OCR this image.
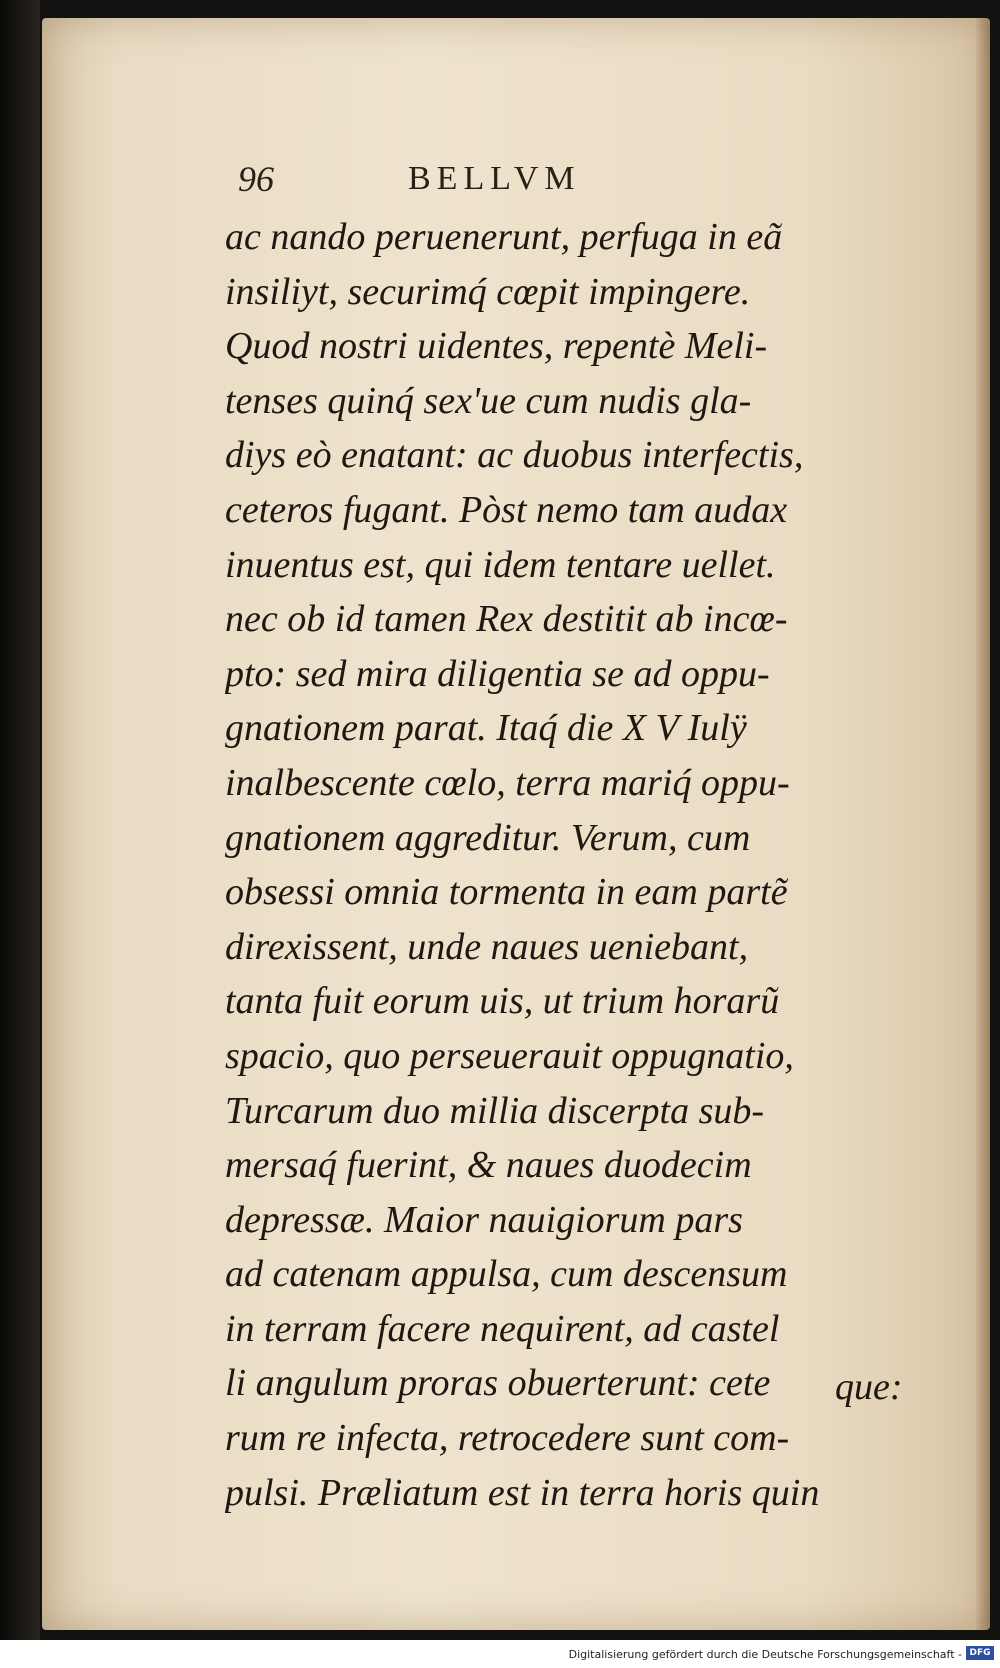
96	BELLVM
ac nando peruenerunt, perfuga in eã
insiliyt, securimq́ cœpit impingere.
Quod nostri uidentes, repentè Meli-
tenses quinq́ sex'ue cum nudis gla-
diys eò enatant: ac duobus interfectis,
ceteros fugant. Pòst nemo tam audax
inuentus est, qui idem tentare uellet.
nec ob id tamen Rex destitit ab incœ-
pto: sed mira diligentia se ad oppu-
gnationem parat. Itaq́ die X V Iulÿ
inalbescente cœlo, terra mariq́ oppu-
gnationem aggreditur. Verum, cum
obsessi omnia tormenta in eam partẽ
direxissent, unde naues ueniebant,
tanta fuit eorum uis, ut trium horarũ
spacio, quo perseuerauit oppugnatio,
Turcarum duo millia discerpta sub-
mersaq́ fuerint, & naues duodecim
depressæ. Maior nauigiorum pars
ad catenam appulsa, cum descensum
in terram facere nequirent, ad castel
li angulum proras obuerterunt: cete
rum re infecta, retrocedere sunt com-
pulsi. Præliatum est in terra horis quin
que:
Digitalisierung gefördert durch die Deutsche Forschungsgemeinschaft - DFG
